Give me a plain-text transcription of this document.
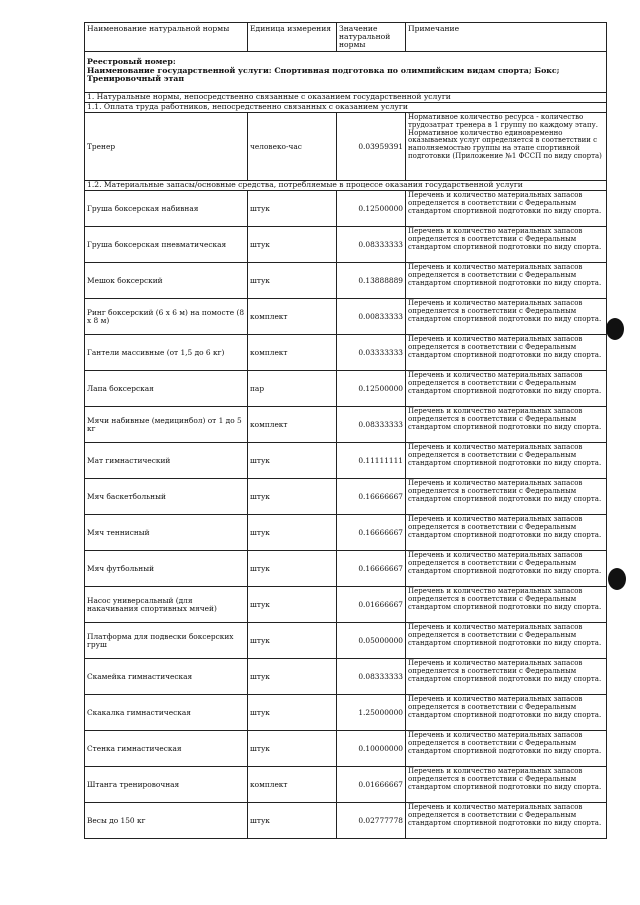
Наименование натуральной нормы	Единица измерения	Значение натуральной нормы	Примечание

Реестровый номер:
Наименование государственной услуги: Спортивная подготовка по олимпийским видам спорта; Бокс; Тренировочный этап			

1. Натуральные нормы, непосредственно связанные с оказанием государственной услуги			
1.1. Оплата труда работников, непосредственно связанных с оказанием услуги			
Тренер	человеко-час	0.03959391	Нормативное количество ресурса - количество трудозатрат тренера в 1 группу по каждому этапу. Нормативное количество единовременно оказываемых услуг определяется в соответствии с наполняемостью группы на этапе спортивной подготовки (Приложение №1 ФССП по виду спорта)
1.2. Материальные запасы/основные средства, потребляемые в процессе оказания государственной услуги			
Груша боксерская набивная	штук	0.12500000	Перечень и количество материальных запасов определяется в соответствии с Федеральным стандартом спортивной подготовки по виду спорта.
Груша боксерская пневматическая	штук	0.08333333	Перечень и количество материальных запасов определяется в соответствии с Федеральным стандартом спортивной подготовки по виду спорта.
Мешок боксерский	штук	0.13888889	Перечень и количество материальных запасов определяется в соответствии с Федеральным стандартом спортивной подготовки по виду спорта.
Ринг боксерский (6 x 6 м) на помосте (8 x 8 м)	комплект	0.00833333	Перечень и количество материальных запасов определяется в соответствии с Федеральным стандартом спортивной подготовки по виду спорта.
Гантели массивные (от 1,5 до 6 кг)	комплект	0.03333333	Перечень и количество материальных запасов определяется в соответствии с Федеральным стандартом спортивной подготовки по виду спорта.
Лапа боксерская	пар	0.12500000	Перечень и количество материальных запасов определяется в соответствии с Федеральным стандартом спортивной подготовки по виду спорта.
Мячи набивные (медицинбол) от 1 до 5 кг	комплект	0.08333333	Перечень и количество материальных запасов определяется в соответствии с Федеральным стандартом спортивной подготовки по виду спорта.
Мат гимнастический	штук	0.11111111	Перечень и количество материальных запасов определяется в соответствии с Федеральным стандартом спортивной подготовки по виду спорта.
Мяч баскетбольный	штук	0.16666667	Перечень и количество материальных запасов определяется в соответствии с Федеральным стандартом спортивной подготовки по виду спорта.
Мяч теннисный	штук	0.16666667	Перечень и количество материальных запасов определяется в соответствии с Федеральным стандартом спортивной подготовки по виду спорта.
Мяч футбольный	штук	0.16666667	Перечень и количество материальных запасов определяется в соответствии с Федеральным стандартом спортивной подготовки по виду спорта.
Насос универсальный (для накачивания спортивных мячей)	штук	0.01666667	Перечень и количество материальных запасов определяется в соответствии с Федеральным стандартом спортивной подготовки по виду спорта.
Платформа для подвески боксерских груш	штук	0.05000000	Перечень и количество материальных запасов определяется в соответствии с Федеральным стандартом спортивной подготовки по виду спорта.
Скамейка гимнастическая	штук	0.08333333	Перечень и количество материальных запасов определяется в соответствии с Федеральным стандартом спортивной подготовки по виду спорта.
Скакалка гимнастическая	штук	1.25000000	Перечень и количество материальных запасов определяется в соответствии с Федеральным стандартом спортивной подготовки по виду спорта.
Стенка гимнастическая	штук	0.10000000	Перечень и количество материальных запасов определяется в соответствии с Федеральным стандартом спортивной подготовки по виду спорта.
Штанга тренировочная	комплект	0.01666667	Перечень и количество материальных запасов определяется в соответствии с Федеральным стандартом спортивной подготовки по виду спорта.
Весы до 150 кг	штук	0.02777778	Перечень и количество материальных запасов определяется в соответствии с Федеральным стандартом спортивной подготовки по виду спорта.
